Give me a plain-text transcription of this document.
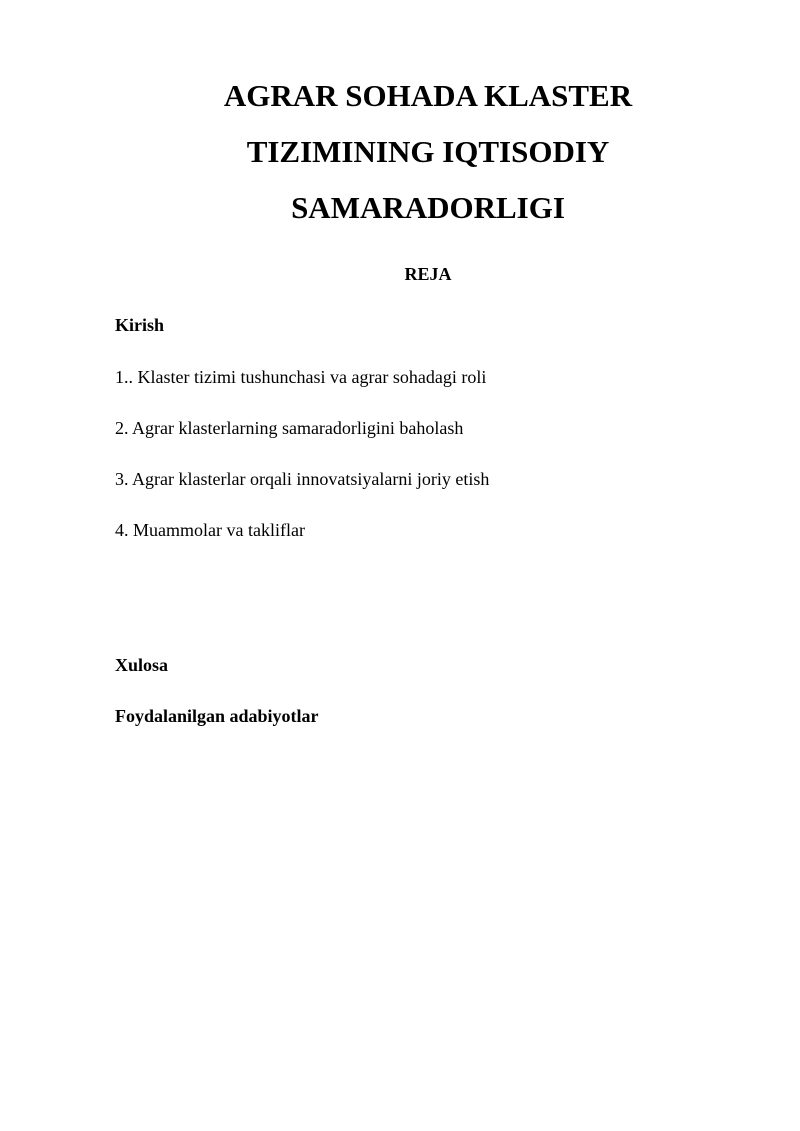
AGRAR SOHADA KLASTER
TIZIMINING IQTISODIY
SAMARADORLIGI
REJA

Kirish

1.. Klaster tizimi tushunchasi va agrar sohadagi roli

2. Agrar klasterlarning samaradorligini baholash

3. Agrar klasterlar orqali innovatsiyalarni joriy etish

4. Muammolar va takliflar

Xulosa

Foydalanilgan adabiyotlar
